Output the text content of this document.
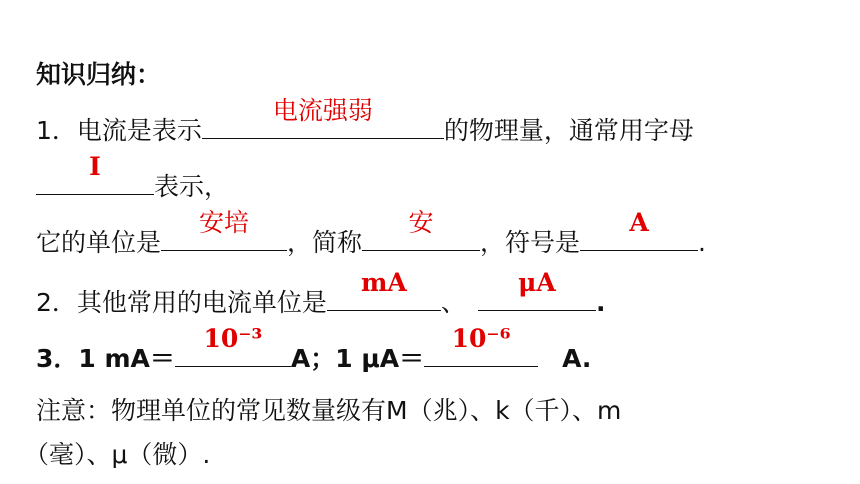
知识归纳：
1．电流是表示
电流强弱
的物理量，通常用字母
I
表示，
它的单位是
安培
，简称
安
，符号是
A
.
2．其他常用的电流单位是
mA
、
μA
.
3．1 mA＝
10⁻³
A；1 μA＝
10⁻⁶
A.
注意：物理单位的常见数量级有M（兆）、k（千）、m
（毫）、μ（微）.
